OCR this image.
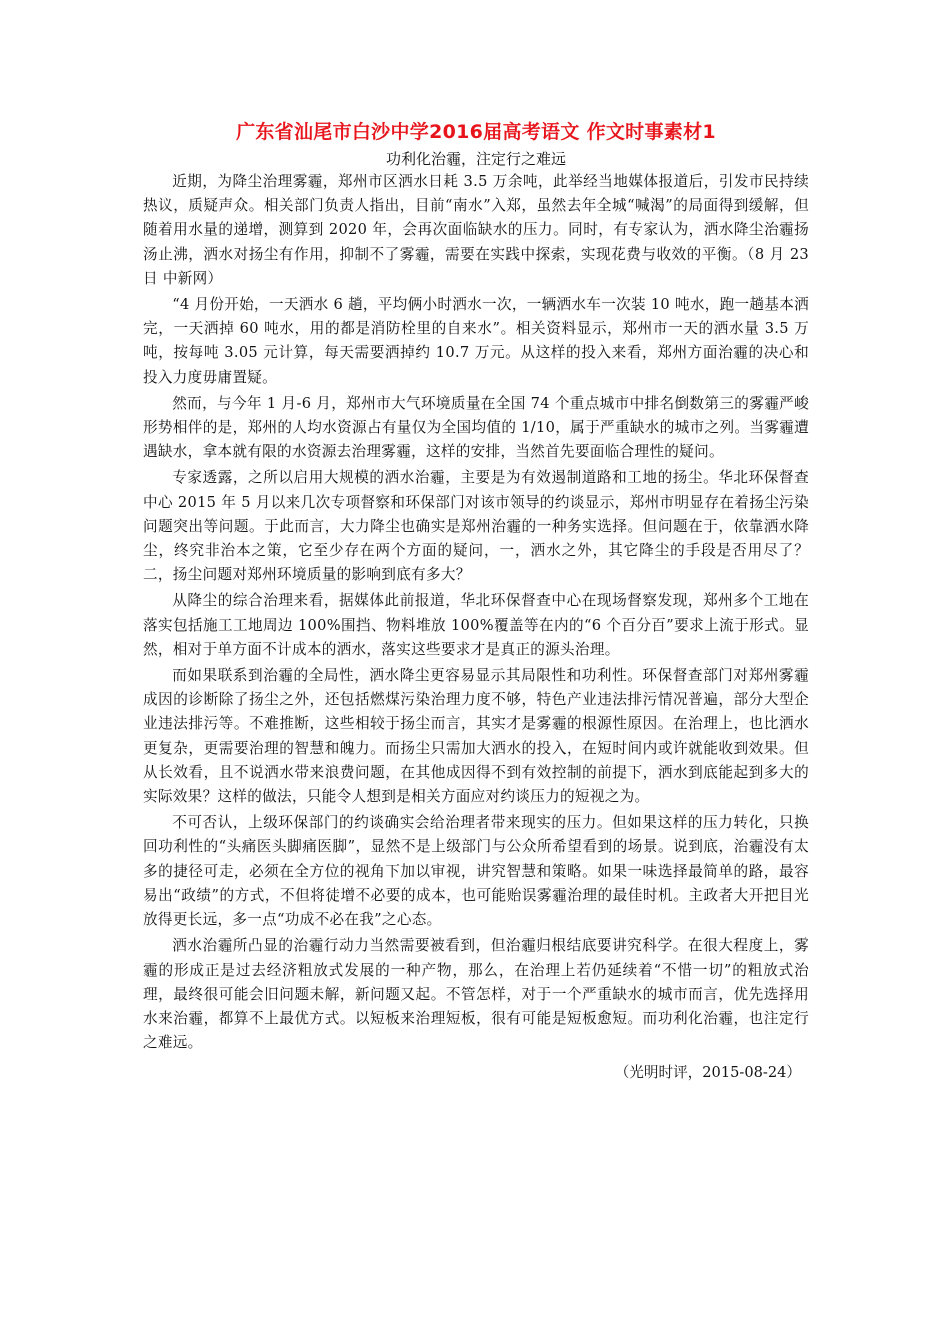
广东省汕尾市白沙中学2016届高考语文 作文时事素材1
功利化治霾，注定行之难远

近期，为降尘治理雾霾，郑州市区洒水日耗 3.5 万余吨，此举经当地媒体报道后，引发市民持续热议，质疑声众。相关部门负责人指出，目前“南水”入郑，虽然去年全城“喊渴”的局面得到缓解，但随着用水量的递增，测算到 2020 年，会再次面临缺水的压力。同时，有专家认为，洒水降尘治霾扬汤止沸，洒水对扬尘有作用，抑制不了雾霾，需要在实践中探索，实现花费与收效的平衡。（8 月 23 日 中新网）

“4 月份开始，一天洒水 6 趟，平均俩小时洒水一次，一辆洒水车一次装 10 吨水，跑一趟基本洒完，一天洒掉 60 吨水，用的都是消防栓里的自来水”。相关资料显示，郑州市一天的洒水量 3.5 万吨，按每吨 3.05 元计算，每天需要洒掉约 10.7 万元。从这样的投入来看，郑州方面治霾的决心和投入力度毋庸置疑。

然而，与今年 1 月-6 月，郑州市大气环境质量在全国 74 个重点城市中排名倒数第三的雾霾严峻形势相伴的是，郑州的人均水资源占有量仅为全国均值的 1/10，属于严重缺水的城市之列。当雾霾遭遇缺水，拿本就有限的水资源去治理雾霾，这样的安排，当然首先要面临合理性的疑问。

专家透露，之所以启用大规模的洒水治霾，主要是为有效遏制道路和工地的扬尘。华北环保督查中心 2015 年 5 月以来几次专项督察和环保部门对该市领导的约谈显示，郑州市明显存在着扬尘污染问题突出等问题。于此而言，大力降尘也确实是郑州治霾的一种务实选择。但问题在于，依靠洒水降尘，终究非治本之策，它至少存在两个方面的疑问，一，洒水之外，其它降尘的手段是否用尽了？二，扬尘问题对郑州环境质量的影响到底有多大？

从降尘的综合治理来看，据媒体此前报道，华北环保督查中心在现场督察发现，郑州多个工地在落实包括施工工地周边 100%围挡、物料堆放 100%覆盖等在内的“6 个百分百”要求上流于形式。显然，相对于单方面不计成本的洒水，落实这些要求才是真正的源头治理。

而如果联系到治霾的全局性，洒水降尘更容易显示其局限性和功利性。环保督查部门对郑州雾霾成因的诊断除了扬尘之外，还包括燃煤污染治理力度不够，特色产业违法排污情况普遍，部分大型企业违法排污等。不难推断，这些相较于扬尘而言，其实才是雾霾的根源性原因。在治理上，也比洒水更复杂，更需要治理的智慧和魄力。而扬尘只需加大洒水的投入，在短时间内或许就能收到效果。但从长效看，且不说洒水带来浪费问题，在其他成因得不到有效控制的前提下，洒水到底能起到多大的实际效果？这样的做法，只能令人想到是相关方面应对约谈压力的短视之为。

不可否认，上级环保部门的约谈确实会给治理者带来现实的压力。但如果这样的压力转化，只换回功利性的“头痛医头脚痛医脚”，显然不是上级部门与公众所希望看到的场景。说到底，治霾没有太多的捷径可走，必须在全方位的视角下加以审视，讲究智慧和策略。如果一味选择最简单的路，最容易出“政绩”的方式，不但将徒增不必要的成本，也可能贻误雾霾治理的最佳时机。主政者大开把目光放得更长远，多一点“功成不必在我”之心态。

洒水治霾所凸显的治霾行动力当然需要被看到，但治霾归根结底要讲究科学。在很大程度上，雾霾的形成正是过去经济粗放式发展的一种产物，那么，在治理上若仍延续着“不惜一切”的粗放式治理，最终很可能会旧问题未解，新问题又起。不管怎样，对于一个严重缺水的城市而言，优先选择用水来治霾，都算不上最优方式。以短板来治理短板，很有可能是短板愈短。而功利化治霾，也注定行之难远。

（光明时评，2015-08-24）
